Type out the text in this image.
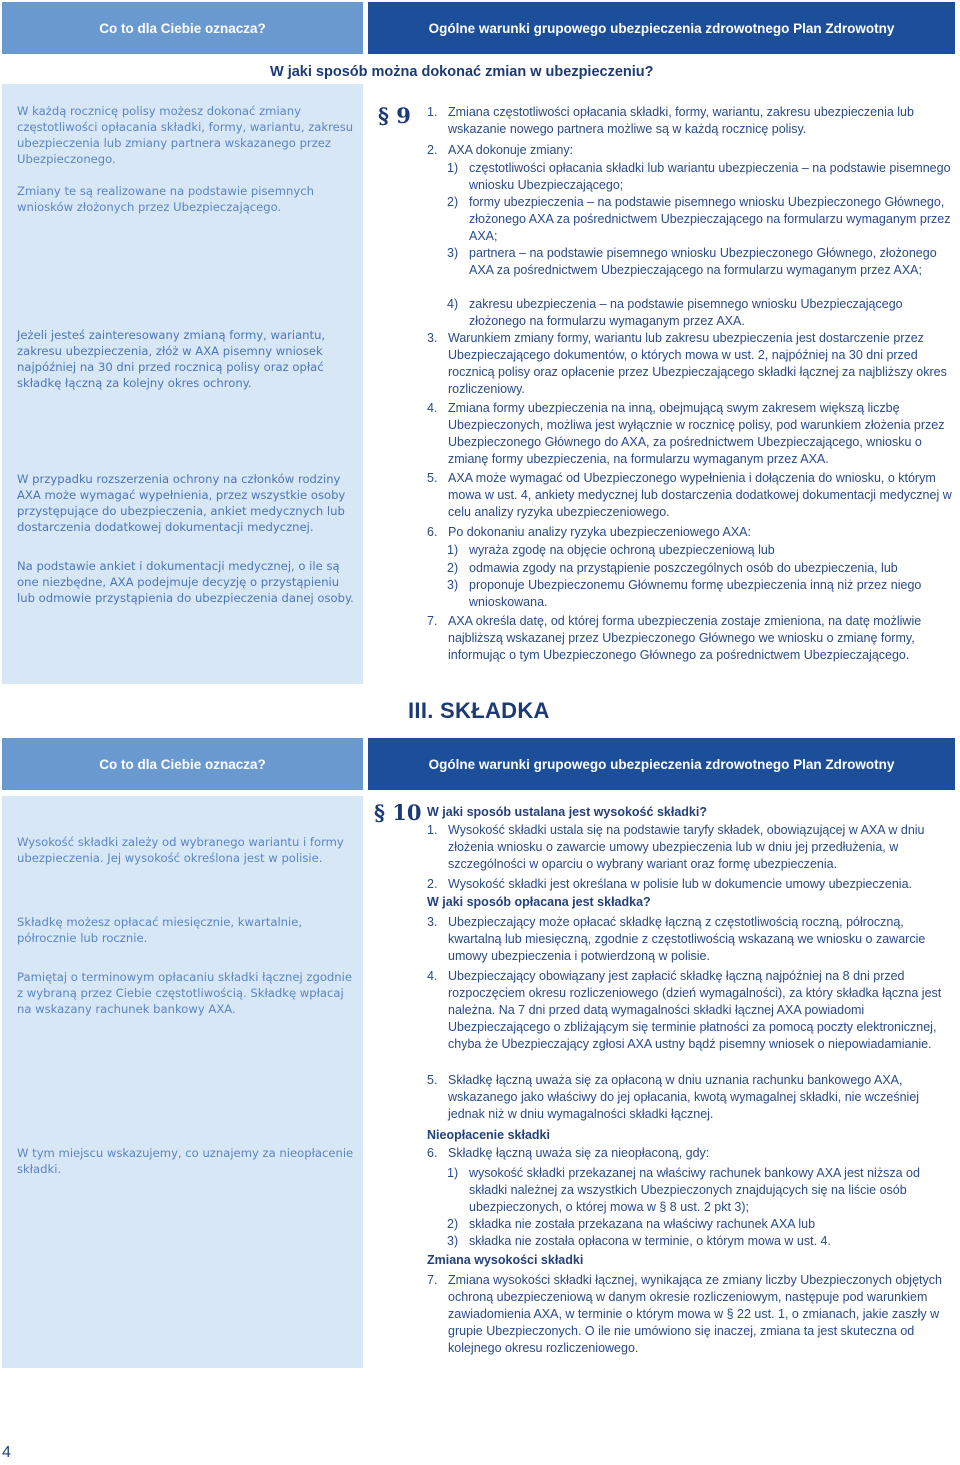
Co to dla Ciebie oznacza?	Ogólne warunki grupowego ubezpieczenia zdrowotnego Plan Zdrowotny
W jaki sposób można dokonać zmian w ubezpieczeniu?
W każdą rocznicę polisy możesz dokonać zmiany częstotliwości opłacania składki, formy, wariantu, zakresu ubezpieczenia lub zmiany partnera wskazanego przez Ubezpieczonego.
Zmiany te są realizowane na podstawie pisemnych wniosków złożonych przez Ubezpieczającego.
Jeżeli jesteś zainteresowany zmianą formy, wariantu, zakresu ubezpieczenia, złóż w AXA pisemny wniosek najpóźniej na 30 dni przed rocznicą polisy oraz opłać składkę łączną za kolejny okres ochrony.
W przypadku rozszerzenia ochrony na członków rodziny AXA może wymagać wypełnienia, przez wszystkie osoby przystępujące do ubezpieczenia, ankiet medycznych lub dostarczenia dodatkowej dokumentacji medycznej.
Na podstawie ankiet i dokumentacji medycznej, o ile są one niezbędne, AXA podejmuje decyzję o przystąpieniu lub odmowie przystąpienia do ubezpieczenia danej osoby.
§ 9 1. Zmiana częstotliwości opłacania składki, formy, wariantu, zakresu ubezpieczenia lub wskazanie nowego partnera możliwe są w każdą rocznicę polisy.
2. AXA dokonuje zmiany:
1) częstotliwości opłacania składki lub wariantu ubezpieczenia – na podstawie pisemnego wniosku Ubezpieczającego;
2) formy ubezpieczenia – na podstawie pisemnego wniosku Ubezpieczonego Głównego, złożonego AXA za pośrednictwem Ubezpieczającego na formularzu wymaganym przez AXA;
3) partnera – na podstawie pisemnego wniosku Ubezpieczonego Głównego, złożonego AXA za pośrednictwem Ubezpieczającego na formularzu wymaganym przez AXA;
4) zakresu ubezpieczenia – na podstawie pisemnego wniosku Ubezpieczającego złożonego na formularzu wymaganym przez AXA.
3. Warunkiem zmiany formy, wariantu lub zakresu ubezpieczenia jest dostarczenie przez Ubezpieczającego dokumentów, o których mowa w ust. 2, najpóźniej na 30 dni przed rocznicą polisy oraz opłacenie przez Ubezpieczającego składki łącznej za najbliższy okres rozliczeniowy.
4. Zmiana formy ubezpieczenia na inną, obejmującą swym zakresem większą liczbę Ubezpieczonych, możliwa jest wyłącznie w rocznicę polisy, pod warunkiem złożenia przez Ubezpieczonego Głównego do AXA, za pośrednictwem Ubezpieczającego, wniosku o zmianę formy ubezpieczenia, na formularzu wymaganym przez AXA.
5. AXA może wymagać od Ubezpieczonego wypełnienia i dołączenia do wniosku, o którym mowa w ust. 4, ankiety medycznej lub dostarczenia dodatkowej dokumentacji medycznej w celu analizy ryzyka ubezpieczeniowego.
6. Po dokonaniu analizy ryzyka ubezpieczeniowego AXA:
1) wyraża zgodę na objęcie ochroną ubezpieczeniową lub
2) odmawia zgody na przystąpienie poszczególnych osób do ubezpieczenia, lub
3) proponuje Ubezpieczonemu Głównemu formę ubezpieczenia inną niż przez niego wnioskowana.
7. AXA określa datę, od której forma ubezpieczenia zostaje zmieniona, na datę możliwie najbliższą wskazanej przez Ubezpieczonego Głównego we wniosku o zmianę formy, informując o tym Ubezpieczonego Głównego za pośrednictwem Ubezpieczającego.
III. SKŁADKA
Co to dla Ciebie oznacza?	Ogólne warunki grupowego ubezpieczenia zdrowotnego Plan Zdrowotny
Wysokość składki zależy od wybranego wariantu i formy ubezpieczenia. Jej wysokość określona jest w polisie.
Składkę możesz opłacać miesięcznie, kwartalnie, półrocznie lub rocznie.
Pamiętaj o terminowym opłacaniu składki łącznej zgodnie z wybraną przez Ciebie częstotliwością. Składkę wpłacaj na wskazany rachunek bankowy AXA.
W tym miejscu wskazujemy, co uznajemy za nieopłacenie składki.
§ 10 W jaki sposób ustalana jest wysokość składki?
1. Wysokość składki ustala się na podstawie taryfy składek, obowiązującej w AXA w dniu złożenia wniosku o zawarcie umowy ubezpieczenia lub w dniu jej przedłużenia, w szczególności w oparciu o wybrany wariant oraz formę ubezpieczenia.
2. Wysokość składki jest określana w polisie lub w dokumencie umowy ubezpieczenia.
W jaki sposób opłacana jest składka?
3. Ubezpieczający może opłacać składkę łączną z częstotliwością roczną, półroczną, kwartalną lub miesięczną, zgodnie z częstotliwością wskazaną we wniosku o zawarcie umowy ubezpieczenia i potwierdzoną w polisie.
4. Ubezpieczający obowiązany jest zapłacić składkę łączną najpóźniej na 8 dni przed rozpoczęciem okresu rozliczeniowego (dzień wymagalności), za który składka łączna jest należna. Na 7 dni przed datą wymagalności składki łącznej AXA powiadomi Ubezpieczającego o zbliżającym się terminie płatności za pomocą poczty elektronicznej, chyba że Ubezpieczający zgłosi AXA ustny bądź pisemny wniosek o niepowiadamianie.
5. Składkę łączną uważa się za opłaconą w dniu uznania rachunku bankowego AXA, wskazanego jako właściwy do jej opłacania, kwotą wymagalnej składki, nie wcześniej jednak niż w dniu wymagalności składki łącznej.
Nieopłacenie składki
6. Składkę łączną uważa się za nieopłaconą, gdy:
1) wysokość składki przekazanej na właściwy rachunek bankowy AXA jest niższa od składki należnej za wszystkich Ubezpieczonych znajdujących się na liście osób ubezpieczonych, o której mowa w § 8 ust. 2 pkt 3);
2) składka nie została przekazana na właściwy rachunek AXA lub
3) składka nie została opłacona w terminie, o którym mowa w ust. 4.
Zmiana wysokości składki
7. Zmiana wysokości składki łącznej, wynikająca ze zmiany liczby Ubezpieczonych objętych ochroną ubezpieczeniową w danym okresie rozliczeniowym, następuje pod warunkiem zawiadomienia AXA, w terminie o którym mowa w § 22 ust. 1, o zmianach, jakie zaszły w grupie Ubezpieczonych. O ile nie umówiono się inaczej, zmiana ta jest skuteczna od kolejnego okresu rozliczeniowego.
4
